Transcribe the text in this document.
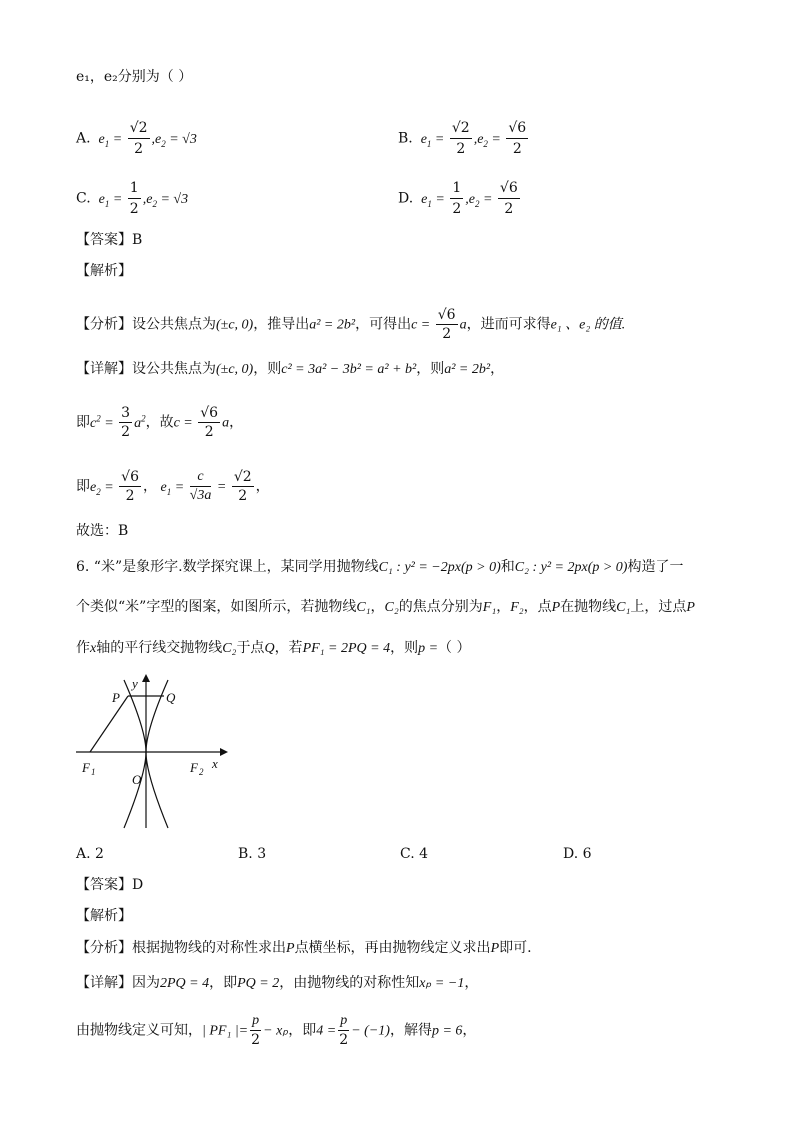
e₁，e₂分别为（ ）
A.  $e_1 = \frac{√2}{2} ,e_2 = √3$	B.  $e_1 = \frac{√2}{2} ,e_2 = \frac{√6}{2}$
C.  $e_1 = \frac{1}{2} ,e_2 = √3$	D.  $e_1 = \frac{1}{2} ,e_2 = \frac{√6}{2}$
【答案】B
【解析】
【分析】设公共焦点为(±c, 0)，推导出a² = 2b²，可得出$c = \frac{√6}{2}$ a，进而可求得e₁ 、e₂ 的值.
【详解】设公共焦点为(±c, 0)，则c² = 3a² − 3b² = a² + b²，则a² = 2b²，
即$c^2 = \frac{3}{2} a^2$，故$c = \frac{√6}{2}$ a，
即$e_2 = \frac{√6}{2}$ ， $e_1 = \frac{c}{√3a} = \frac{√2}{2}$ ，
故选：B
6. “米”是象形字.数学探究课上，某同学用抛物线C₁ : y² = −2px(p > 0)和C₂ : y² = 2px(p > 0)构造了一
个类似“米”字型的图案，如图所示，若抛物线C₁，C₂的焦点分别为F₁，F₂，点P在抛物线C₁上，过点P
作x轴的平行线交抛物线C₂于点Q，若PF₁ = 2PQ = 4，则p =（ ）
y
x
P	Q
O
F 1	F 2
A. 2	B. 3	C. 4	D. 6
【答案】D
【解析】
【分析】根据抛物线的对称性求出P点横坐标，再由抛物线定义求出P即可.
【详解】因为2PQ = 4，即PQ = 2，由抛物线的对称性知xₚ = −1，
由抛物线定义可知，| PF₁ |= $\frac{p}{2} - x_p$，即$4 = \frac{p}{2} - (-1)$，解得p = 6，
